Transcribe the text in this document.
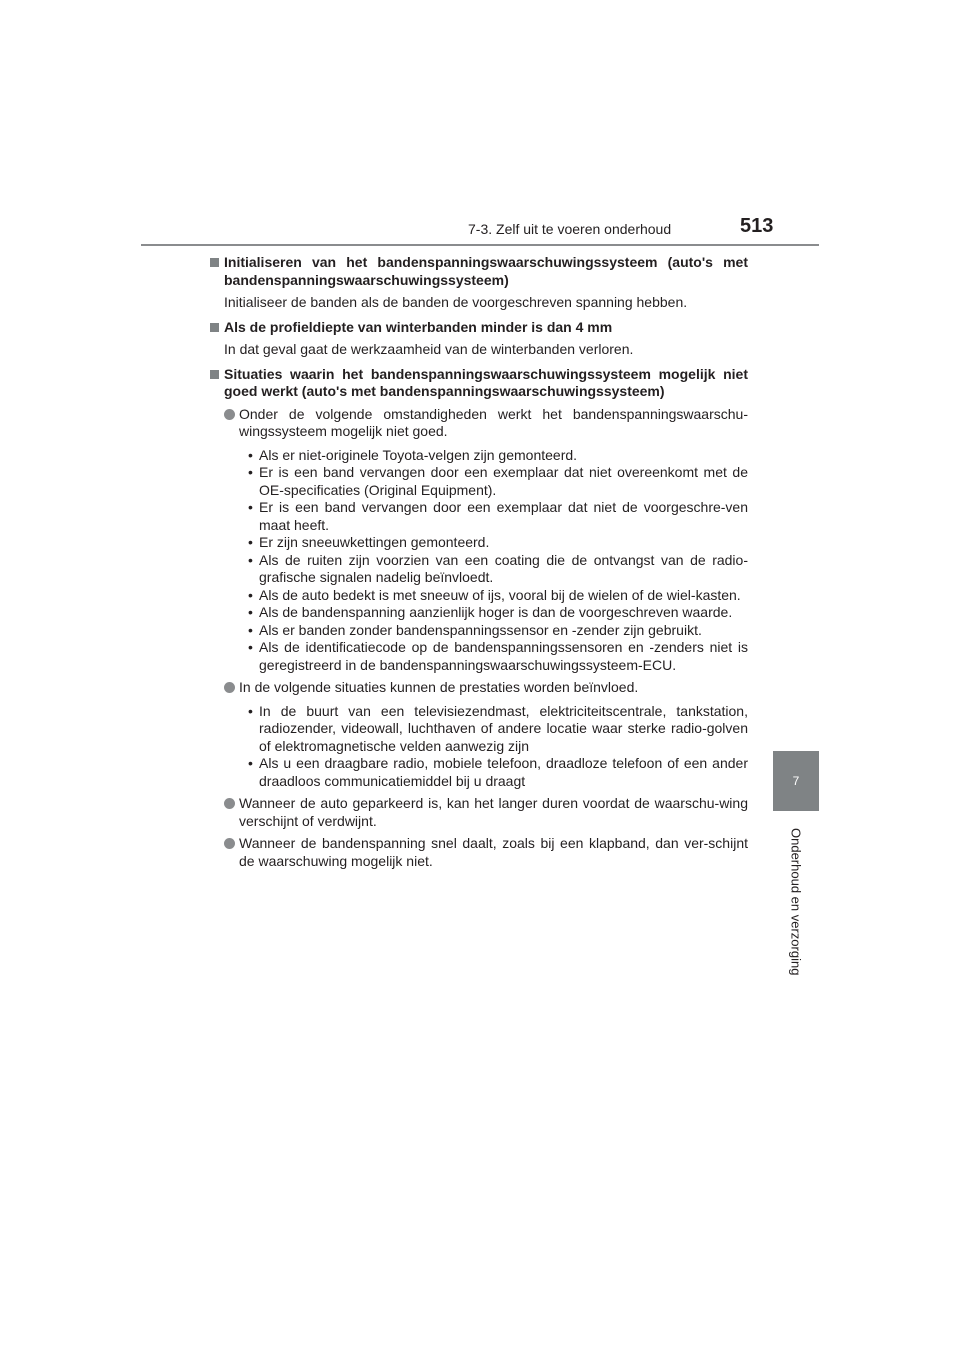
7-3. Zelf uit te voeren onderhoud	513
7
Onderhoud en verzorging
Initialiseren van het bandenspanningswaarschuwingssysteem (auto's met bandenspanningswaarschuwingssysteem)
Initialiseer de banden als de banden de voorgeschreven spanning hebben.
Als de profieldiepte van winterbanden minder is dan 4 mm
In dat geval gaat de werkzaamheid van de winterbanden verloren.
Situaties waarin het bandenspanningswaarschuwingssysteem mogelijk niet goed werkt (auto's met bandenspanningswaarschuwingssysteem)
Onder de volgende omstandigheden werkt het bandenspanningswaarschu-wingssysteem mogelijk niet goed.
• Als er niet-originele Toyota-velgen zijn gemonteerd.
• Er is een band vervangen door een exemplaar dat niet overeenkomt met de OE-specificaties (Original Equipment).
• Er is een band vervangen door een exemplaar dat niet de voorgeschre-ven maat heeft.
• Er zijn sneeuwkettingen gemonteerd.
• Als de ruiten zijn voorzien van een coating die de ontvangst van de radio-grafische signalen nadelig beïnvloedt.
• Als de auto bedekt is met sneeuw of ijs, vooral bij de wielen of de wiel-kasten.
• Als de bandenspanning aanzienlijk hoger is dan de voorgeschreven waarde.
• Als er banden zonder bandenspanningssensor en -zender zijn gebruikt.
• Als de identificatiecode op de bandenspanningssensoren en -zenders niet is geregistreerd in de bandenspanningswaarschuwingssysteem-ECU.
In de volgende situaties kunnen de prestaties worden beïnvloed.
• In de buurt van een televisiezendmast, elektriciteitscentrale, tankstation, radiozender, videowall, luchthaven of andere locatie waar sterke radio-golven of elektromagnetische velden aanwezig zijn
• Als u een draagbare radio, mobiele telefoon, draadloze telefoon of een ander draadloos communicatiemiddel bij u draagt
Wanneer de auto geparkeerd is, kan het langer duren voordat de waarschu-wing verschijnt of verdwijnt.
Wanneer de bandenspanning snel daalt, zoals bij een klapband, dan ver-schijnt de waarschuwing mogelijk niet.
